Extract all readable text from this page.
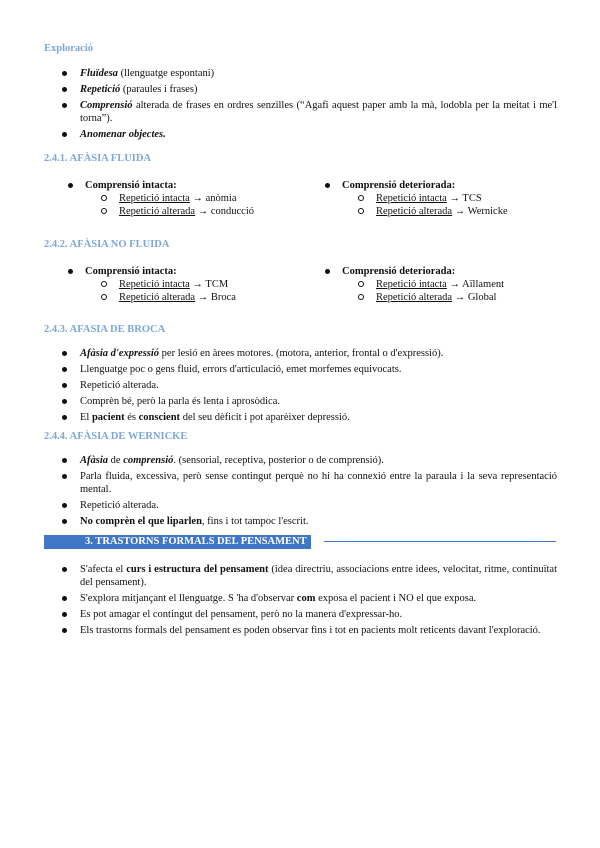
Exploració
Fluïdesa (llenguatge espontani)
Repetició (paraules i frases)
Comprensió alterada de frases en ordres senzilles (“Agafi aquest paper amb la mà, lodobla per la meitat i me'l torna”).
Anomenar objectes.
2.4.1. AFÀSIA FLUIDA
Comprensió intacta:
Repetició intacta → anòmia
Repetició alterada → conducció
Comprensió deteriorada:
Repetició intacta → TCS
Repetició alterada → Wernicke
2.4.2. AFÀSIA NO FLUIDA
Comprensió intacta:
Repetició intacta → TCM
Repetició alterada → Broca
Comprensió deteriorada:
Repetició intacta → Aïllament
Repetició alterada → Global
2.4.3. AFASIA DE BROCA
Afàsia d'expressió per lesió en àrees motores. (motora, anterior, frontal o d'expressió).
Llenguatge poc o gens fluid, errors d'articulació, emet morfemes equivocats.
Repetició alterada.
Comprèn bé, però la parla és lenta i aprosòdica.
El pacient és conscient del seu dèficit i pot aparèixer depressió.
2.4.4. AFÀSIA DE WERNICKE
Afàsia de comprensió. (sensorial, receptiva, posterior o de comprensió).
Parla fluida, excessiva, però sense contingut perquè no hi ha connexió entre la paraula i la seva representació mental.
Repetició alterada.
No comprèn el que liparlen, fins i tot tampoc l'escrit.
3. TRASTORNS FORMALS DEL PENSAMENT
S'afecta el curs i estructura del pensament (idea directriu, associacions entre idees, velocitat, ritme, continuïtat del pensament).
S'explora mitjançant el llenguatge. S 'ha d'observar com exposa el pacient i NO el que exposa.
Es pot amagar el contingut del pensament, però no la manera d'expressar-ho.
Els trastorns formals del pensament es poden observar fins i tot en pacients molt reticents davant l'exploració.
